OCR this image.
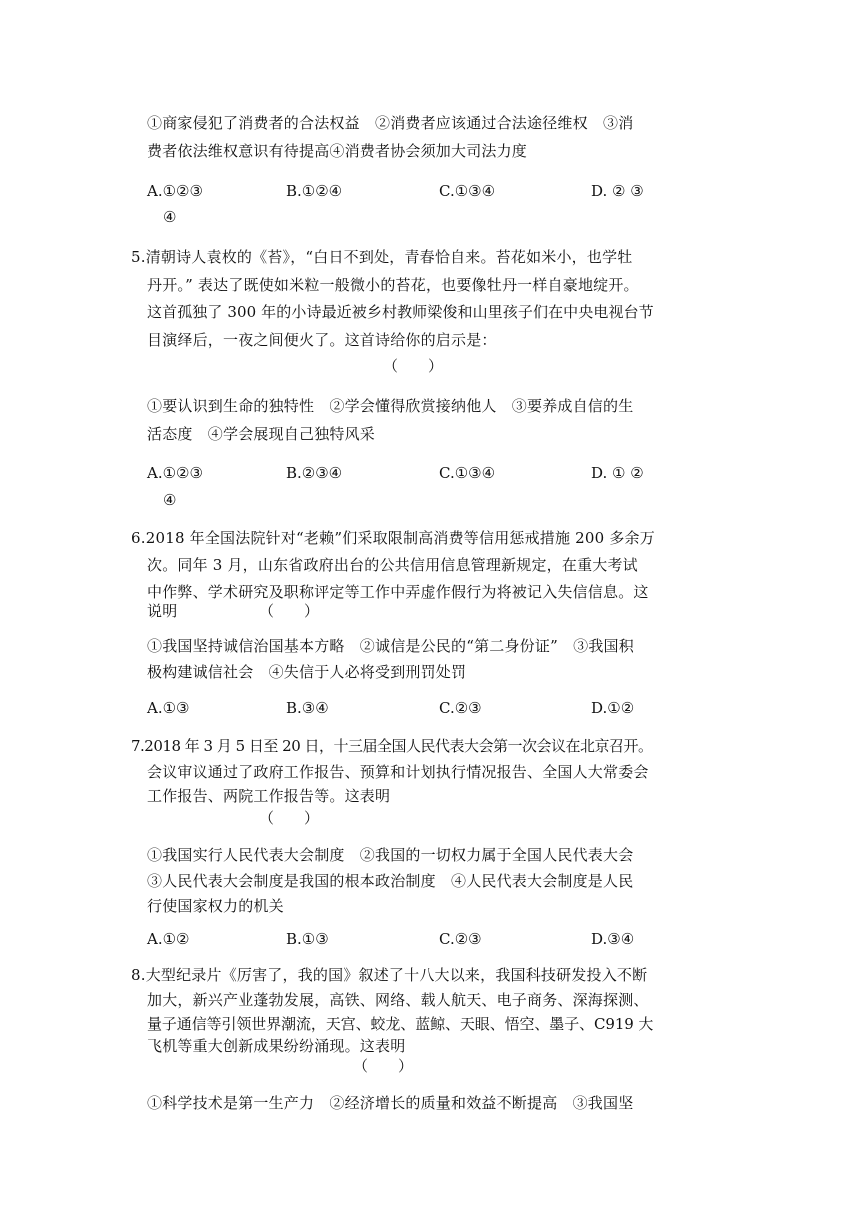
①商家侵犯了消费者的合法权益　②消费者应该通过合法途径维权　③消
费者依法维权意识有待提高④消费者协会须加大司法力度
A.①②③	B.①②④	C.①③④	D. ② ③
④
5.清朝诗人袁枚的《苔》，“白日不到处，青春恰自来。苔花如米小，也学牡
丹开。” 表达了既使如米粒一般微小的苔花，也要像牡丹一样自豪地绽开。
这首孤独了 300 年的小诗最近被乡村教师梁俊和山里孩子们在中央电视台节
目演绎后，一夜之间便火了。这首诗给你的启示是：
（　　）
①要认识到生命的独特性　②学会懂得欣赏接纳他人　③要养成自信的生
活态度　④学会展现自己独特风采
A.①②③	B.②③④	C.①③④	D. ① ②
④
6.2018 年全国法院针对“老赖”们采取限制高消费等信用惩戒措施 200 多余万
次。同年 3 月，山东省政府出台的公共信用信息管理新规定，在重大考试
中作弊、学术研究及职称评定等工作中弄虚作假行为将被记入失信信息。这
说明	（　　）
①我国坚持诚信治国基本方略　②诚信是公民的“第二身份证”　③我国积
极构建诚信社会　④失信于人必将受到刑罚处罚
A.①③	B.③④	C.②③	D.①②
7.2018 年 3 月 5 日至 20 日，十三届全国人民代表大会第一次会议在北京召开。
会议审议通过了政府工作报告、预算和计划执行情况报告、全国人大常委会
工作报告、两院工作报告等。这表明
（　　）
①我国实行人民代表大会制度　②我国的一切权力属于全国人民代表大会
③人民代表大会制度是我国的根本政治制度　④人民代表大会制度是人民
行使国家权力的机关
A.①②	B.①③	C.②③	D.③④
8.大型纪录片《厉害了，我的国》叙述了十八大以来，我国科技研发投入不断
加大，新兴产业蓬勃发展，高铁、网络、载人航天、电子商务、深海探测、
量子通信等引领世界潮流，天宫、蛟龙、蓝鲸、天眼、悟空、墨子、C919 大
飞机等重大创新成果纷纷涌现。这表明
（　　）
①科学技术是第一生产力　②经济增长的质量和效益不断提高　③我国坚
